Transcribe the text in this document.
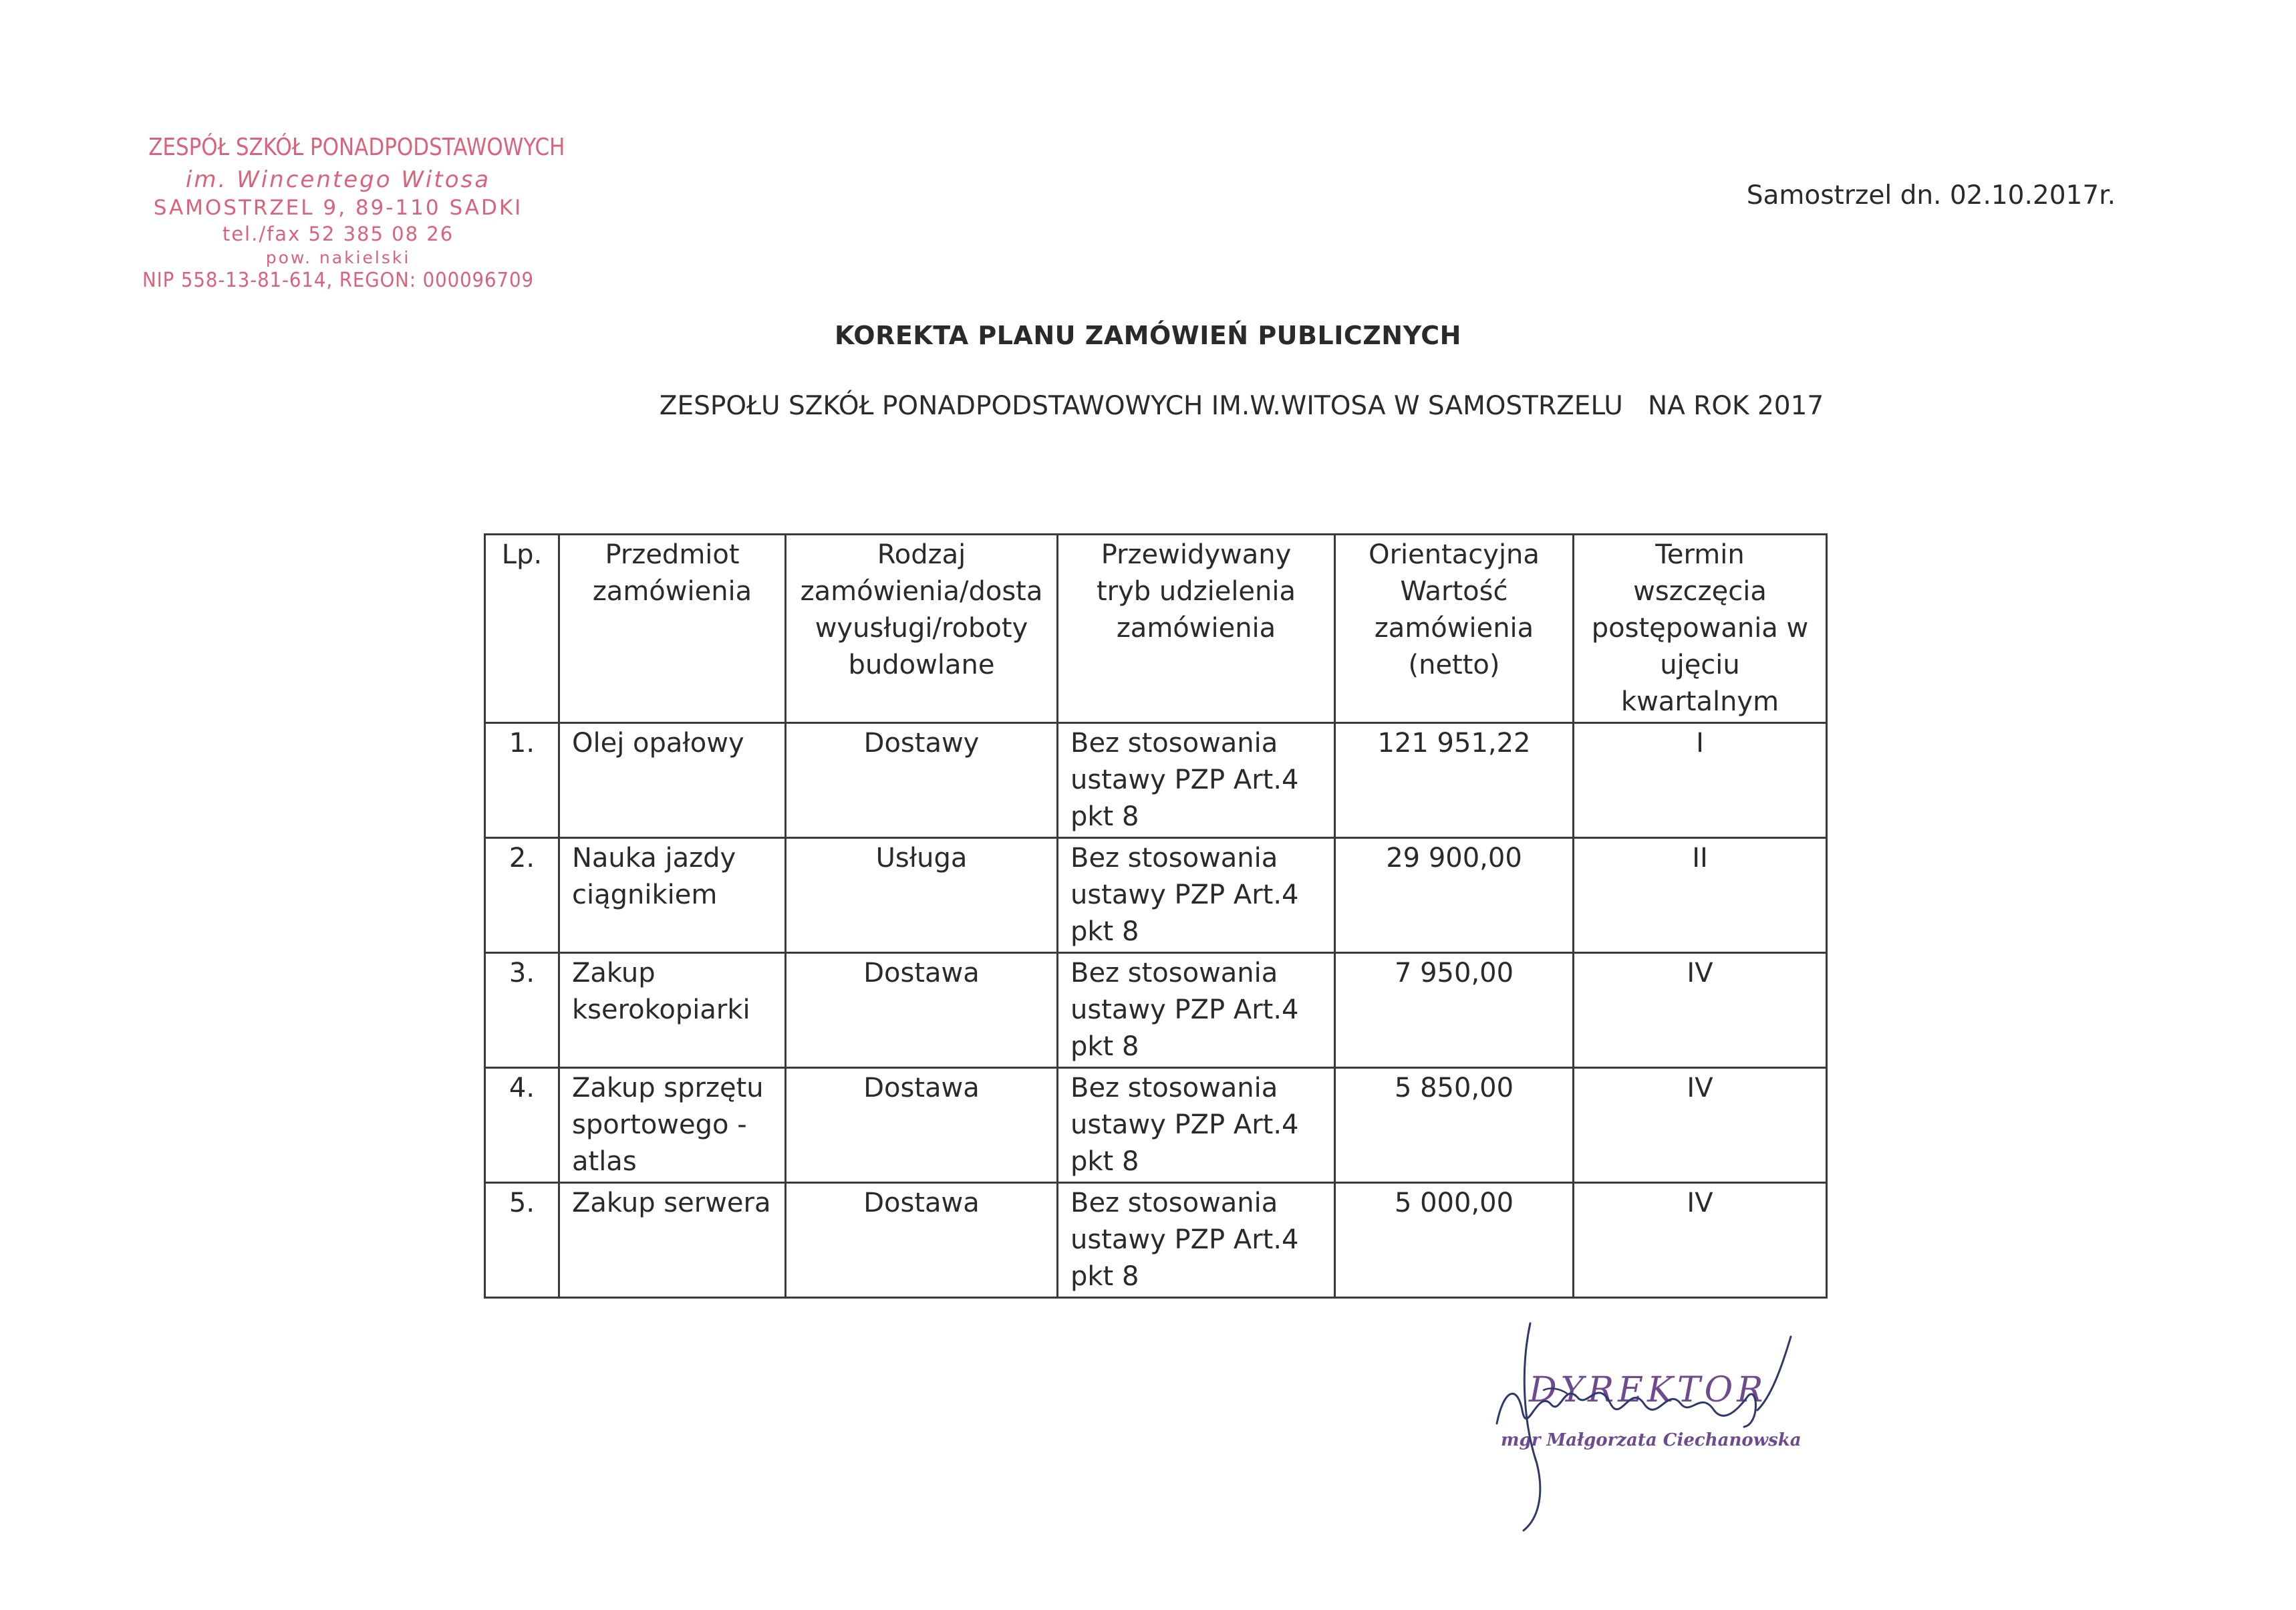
ZESPÓŁ SZKÓŁ PONADPODSTAWOWYCH
im. Wincentego Witosa
SAMOSTRZEL 9, 89-110 SADKI
tel./fax 52 385 08 26
pow. nakielski
NIP 558-13-81-614, REGON: 000096709
Samostrzel dn. 02.10.2017r.
KOREKTA PLANU ZAMÓWIEŃ PUBLICZNYCH
ZESPOŁU SZKÓŁ PONADPODSTAWOWYCH IM.W.WITOSA W SAMOSTRZELU   NA ROK 2017
Lp.	Przedmiot zamówienia	Rodzaj zamówienia/dosta wyusługi/roboty budowlane	Przewidywany tryb udzielenia zamówienia	Orientacyjna Wartość zamówienia (netto)	Termin wszczęcia postępowania w ujęciu kwartalnym
1.	Olej opałowy	Dostawy	Bez stosowania ustawy PZP Art.4 pkt 8	121 951,22	I
2.	Nauka jazdy ciągnikiem	Usługa	Bez stosowania ustawy PZP Art.4 pkt 8	29 900,00	II
3.	Zakup kserokopiarki	Dostawa	Bez stosowania ustawy PZP Art.4 pkt 8	7 950,00	IV
4.	Zakup sprzętu sportowego - atlas	Dostawa	Bez stosowania ustawy PZP Art.4 pkt 8	5 850,00	IV
5.	Zakup serwera	Dostawa	Bez stosowania ustawy PZP Art.4 pkt 8	5 000,00	IV
DYREKTOR
mgr Małgorzata Ciechanowska
